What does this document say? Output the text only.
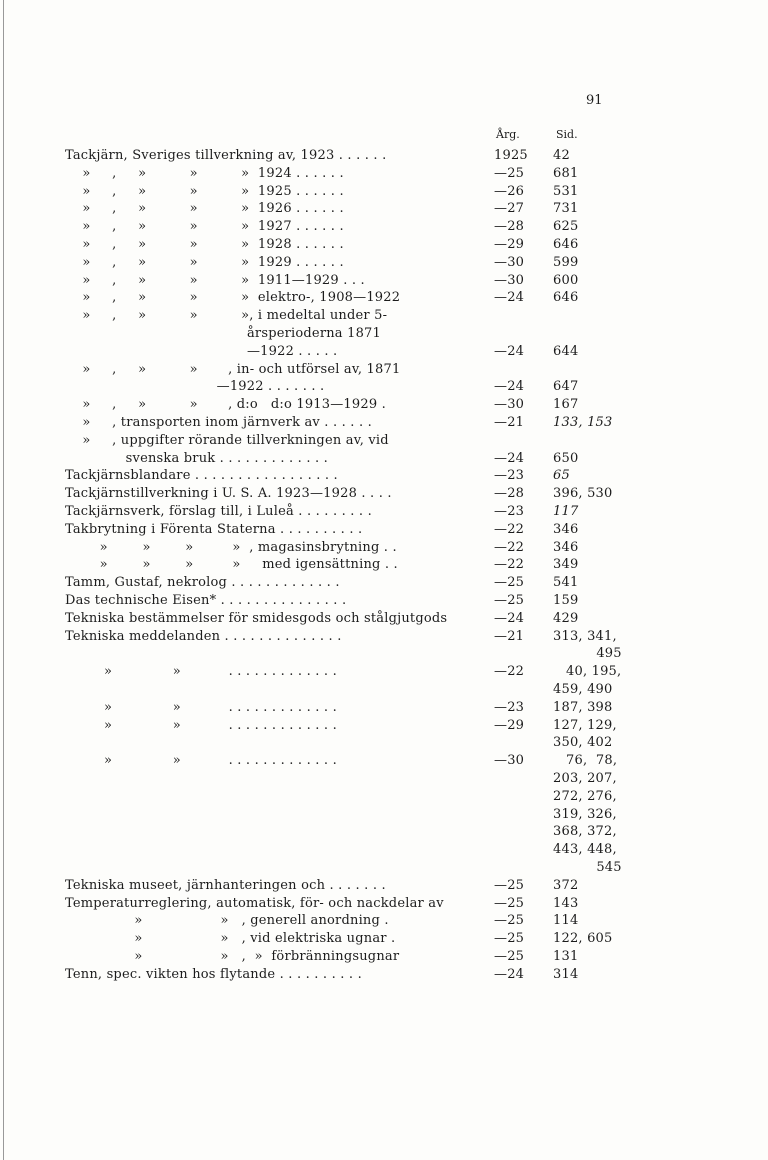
91
Årg.	Sid.
Tackjärn, Sveriges tillverkning av, 1923 . . . . . .	1925 42
»     ,     »          »          »  1924 . . . . . .	—25 681
»     ,     »          »          »  1925 . . . . . .	—26 531
»     ,     »          »          »  1926 . . . . . .	—27 731
»     ,     »          »          »  1927 . . . . . .	—28 625
»     ,     »          »          »  1928 . . . . . .	—29 646
»     ,     »          »          »  1929 . . . . . .	—30 599
»     ,     »          »          »  1911—1929 . . .	—30 600
»     ,     »          »          »  elektro-, 1908—1922	—24 646
»     ,     »          »          », i medeltal under 5-
årsperioderna 1871
—1922 . . . . .	—24 644
»     ,     »          »       , in- och utförsel av, 1871
—1922 . . . . . . .	—24 647
»     ,     »          »       , d:o   d:o 1913—1929 .	—30 167
»     , transporten inom järnverk av . . . . . .	—21 133, 153
»     , uppgifter rörande tillverkningen av, vid
svenska bruk . . . . . . . . . . . . .	—24 650
Tackjärnsblandare . . . . . . . . . . . . . . . . .	—23 65
Tackjärnstillverkning i U. S. A. 1923—1928 . . . .	—28 396, 530
Tackjärnsverk, förslag till, i Luleå . . . . . . . . .	—23 117
Takbrytning i Förenta Staterna . . . . . . . . . .	—22 346
»        »        »         »  , magasinsbrytning . .	—22 346
»        »        »         »     med igensättning . .	—22 349
Tamm, Gustaf, nekrolog . . . . . . . . . . . . .	—25 541
Das technische Eisen* . . . . . . . . . . . . . . .	—25 159
Tekniska bestämmelser för smidesgods och stålgjutgods	—24 429
Tekniska meddelanden . . . . . . . . . . . . . .	—21 313, 341,
495
»              »           . . . . . . . . . . . . .	—22 40, 195,
459, 490
»              »           . . . . . . . . . . . . .	—23 187, 398
»              »           . . . . . . . . . . . . .	—29 127, 129,
350, 402
»              »           . . . . . . . . . . . . .	—30 76,  78,
203, 207,
272, 276,
319, 326,
368, 372,
443, 448,
545
Tekniska museet, järnhanteringen och . . . . . . .	—25 372
Temperaturreglering, automatisk, för- och nackdelar av	—25 143
»                  »   , generell anordning .	—25 114
»                  »   , vid elektriska ugnar .	—25 122, 605
»                  »   ,  »  förbränningsugnar	—25 131
Tenn, spec. vikten hos flytande . . . . . . . . . .	—24 314
